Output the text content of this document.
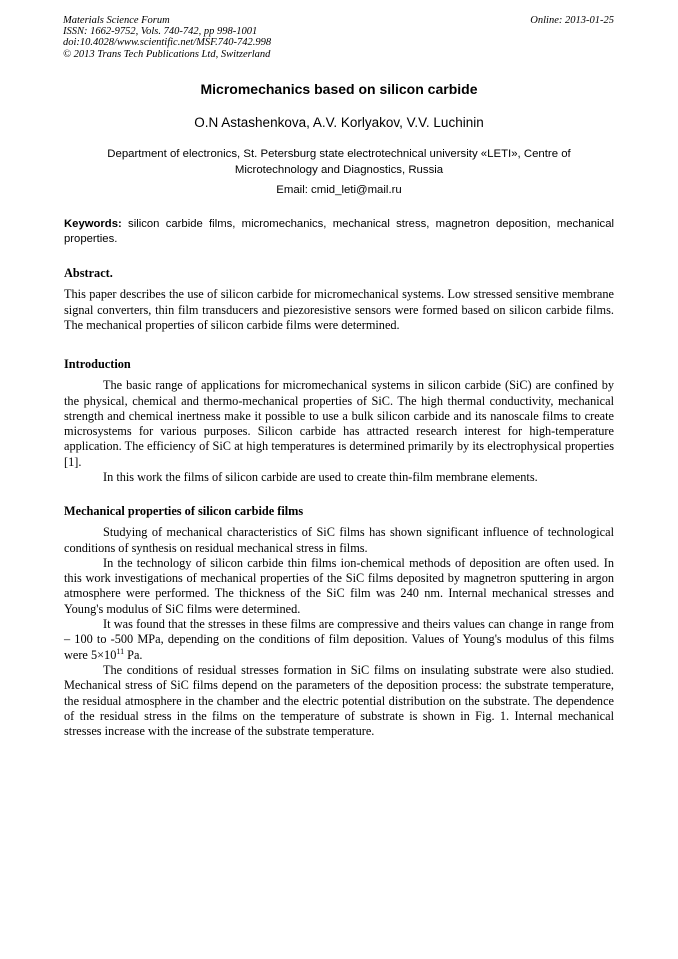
Materials Science Forum
ISSN: 1662-9752, Vols. 740-742, pp 998-1001
doi:10.4028/www.scientific.net/MSF.740-742.998
© 2013 Trans Tech Publications Ltd, Switzerland
Online: 2013-01-25
Micromechanics based on silicon carbide
O.N Astashenkova, A.V. Korlyakov, V.V. Luchinin
Department of electronics, St. Petersburg state electrotechnical university «LETI», Centre of Microtechnology and Diagnostics, Russia
Email: cmid_leti@mail.ru
Keywords: silicon carbide films, micromechanics, mechanical stress, magnetron deposition, mechanical properties.
Abstract.

This paper describes the use of silicon carbide for micromechanical systems. Low stressed sensitive membrane signal converters, thin film transducers and piezoresistive sensors were formed based on silicon carbide films. The mechanical properties of silicon carbide films were determined.

Introduction

The basic range of applications for micromechanical systems in silicon carbide (SiC) are confined by the physical, chemical and thermo-mechanical properties of SiC. The high thermal conductivity, mechanical strength and chemical inertness make it possible to use a bulk silicon carbide and its nanoscale films to create microsystems for various purposes. Silicon carbide has attracted research interest for high-temperature application. The efficiency of SiC at high temperatures is determined primarily by its electrophysical properties [1].

In this work the films of silicon carbide are used to create thin-film membrane elements.

Mechanical properties of silicon carbide films

Studying of mechanical characteristics of SiC films has shown significant influence of technological conditions of synthesis on residual mechanical stress in films.

In the technology of silicon carbide thin films ion-chemical methods of deposition are often used. In this work investigations of mechanical properties of the SiC films deposited by magnetron sputtering in argon atmosphere were performed. The thickness of the SiC film was 240 nm. Internal mechanical stresses and Young's modulus of SiC films were determined.

It was found that the stresses in these films are compressive and theirs values can change in range from – 100 to -500 MPa, depending on the conditions of film deposition. Values of Young's modulus of this films were $5\times 10^{11}$ Pa.

The conditions of residual stresses formation in SiC films on insulating substrate were also studied. Mechanical stress of SiC films depend on the parameters of the deposition process: the substrate temperature, the residual atmosphere in the chamber and the electric potential distribution on the substrate. The dependence of the residual stress in the films on the temperature of substrate is shown in Fig. 1. Internal mechanical stresses increase with the increase of the substrate temperature.
